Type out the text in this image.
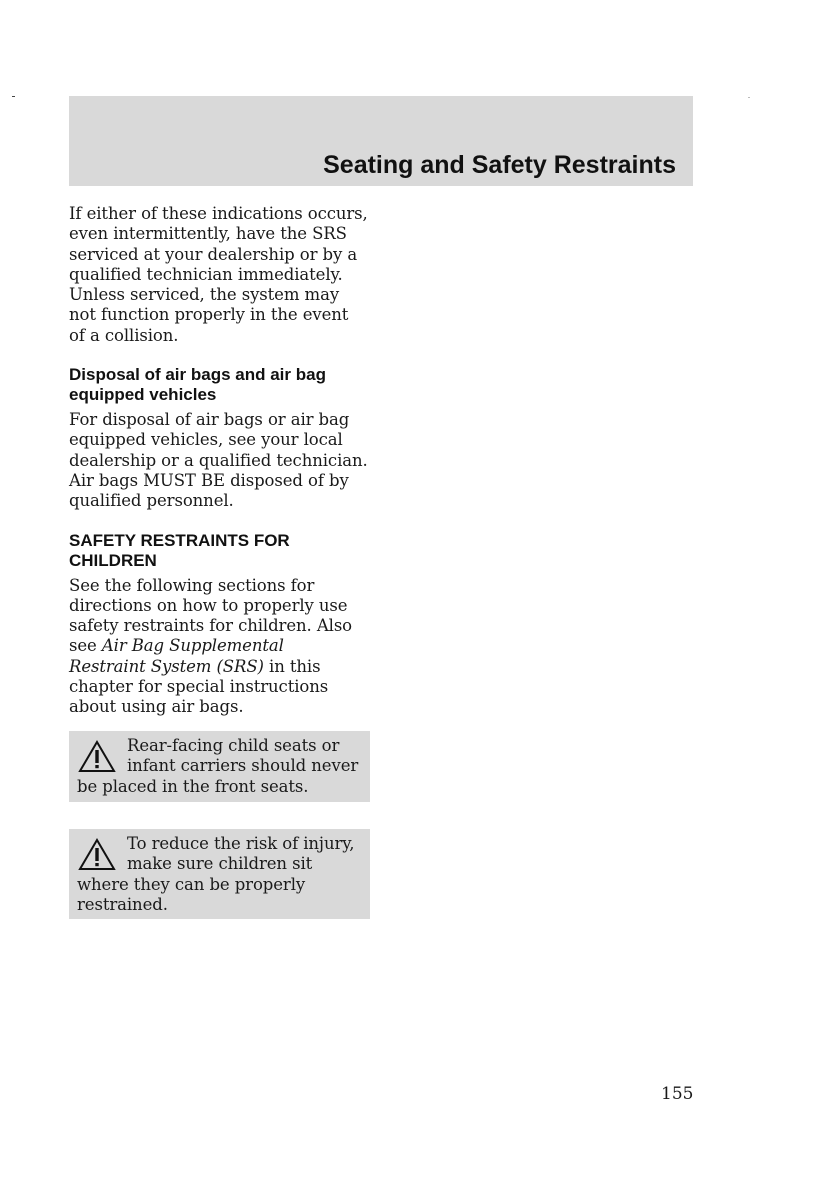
Seating and Safety Restraints

If either of these indications occurs,
even intermittently, have the SRS
serviced at your dealership or by a
qualified technician immediately.
Unless serviced, the system may
not function properly in the event
of a collision.

Disposal of air bags and air bag
equipped vehicles

For disposal of air bags or air bag
equipped vehicles, see your local
dealership or a qualified technician.
Air bags MUST BE disposed of by
qualified personnel.

SAFETY RESTRAINTS FOR
CHILDREN

See the following sections for
directions on how to properly use
safety restraints for children. Also
see Air Bag Supplemental
Restraint System (SRS) in this
chapter for special instructions
about using air bags.

Rear-facing child seats or
infant carriers should never
be placed in the front seats.

To reduce the risk of injury,
make sure children sit
where they can be properly
restrained.

155
